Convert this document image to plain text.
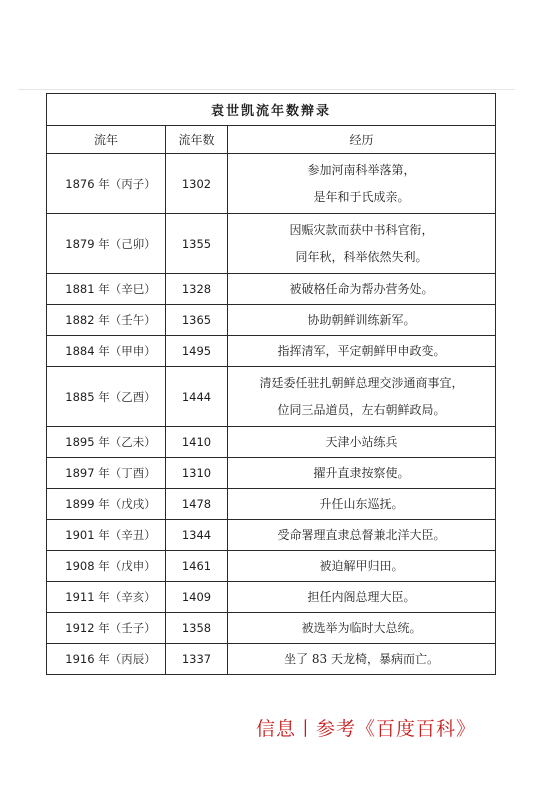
袁世凯流年数辩录		
流年	流年数	经历
1876 年（丙子）	1302	参加河南科举落第，
是年和于氏成亲。

1879 年（己卯）	1355	因赈灾款而获中书科官衔，
同年秋，科举依然失利。

1881 年（辛巳）	1328	被破格任命为帮办营务处。

1882 年（壬午）	1365	协助朝鲜训练新军。

1884 年（甲申）	1495	指挥清军，平定朝鲜甲申政变。

1885 年（乙酉）	1444	清廷委任驻扎朝鲜总理交涉通商事宜，
位同三品道员，左右朝鲜政局。

1895 年（乙未）	1410	天津小站练兵

1897 年（丁酉）	1310	擢升直隶按察使。

1899 年（戊戌）	1478	升任山东巡抚。

1901 年（辛丑）	1344	受命署理直隶总督兼北洋大臣。

1908 年（戊申）	1461	被迫解甲归田。

1911 年（辛亥）	1409	担任内阁总理大臣。

1912 年（壬子）	1358	被选举为临时大总统。

1916 年（丙辰）	1337	坐了 83 天龙椅，暴病而亡。
信息丨参考《百度百科》
